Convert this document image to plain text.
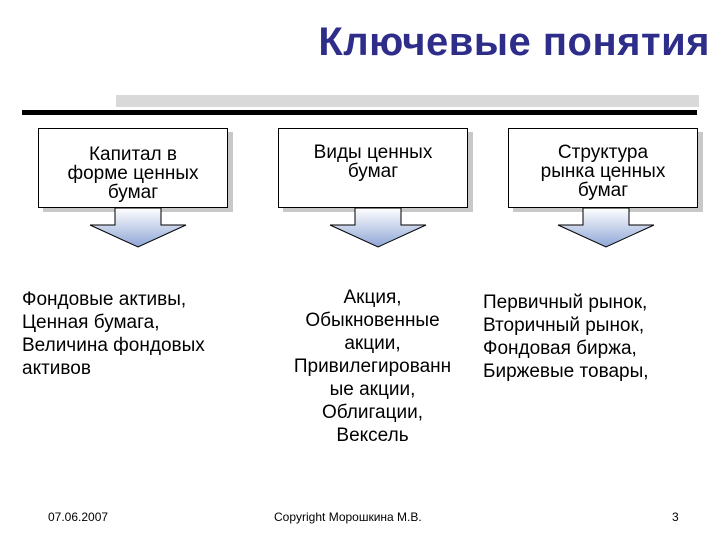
Ключевые понятия
Капитал в
форме ценных
бумаг
Виды ценных
бумаг
Структура
рынка ценных
бумаг
Фондовые активы,
Ценная бумага,
Величина фондовых
активов
Акция,
Обыкновенные
акции,
Привилегированн
ые акции,
Облигации,
Вексель
Первичный рынок,
Вторичный рынок,
Фондовая биржа,
Биржевые товары,
07.06.2007	Copyright Морошкина М.В.	3
